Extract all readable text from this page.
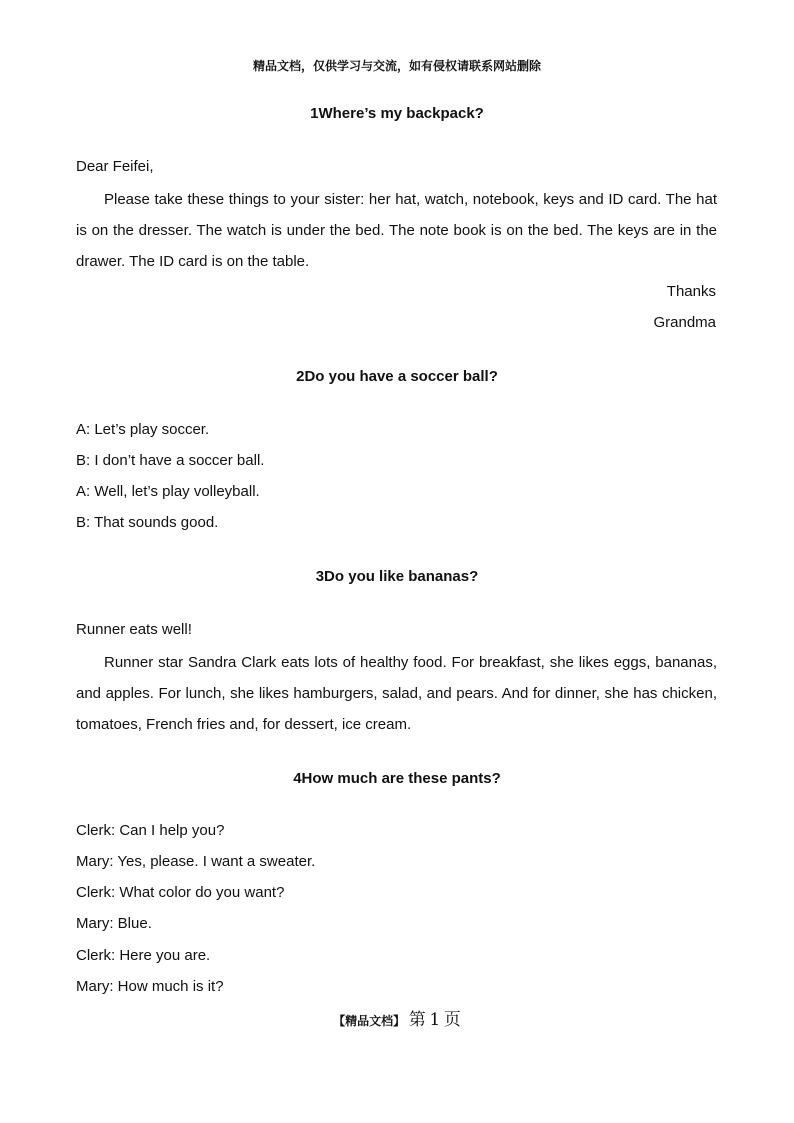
精品文档，仅供学习与交流，如有侵权请联系网站删除
1Where’s my backpack?
Dear Feifei,

Please take these things to your sister: her hat, watch, notebook, keys and ID card. The hat is on the dresser. The watch is under the bed. The note book is on the bed. The keys are in the drawer. The ID card is on the table.

Thanks
Grandma
2Do you have a soccer ball?
A: Let’s play soccer.
B: I don’t have a soccer ball.
A: Well, let’s play volleyball.
B: That sounds good.
3Do you like bananas?
Runner eats well!

Runner star Sandra Clark eats lots of healthy food. For breakfast, she likes eggs, bananas, and apples. For lunch, she likes hamburgers, salad, and pears. And for dinner, she has chicken, tomatoes, French fries and, for dessert, ice cream.

4How much are these pants?
Clerk: Can I help you?
Mary: Yes, please. I want a sweater.
Clerk: What color do you want?
Mary: Blue.
Clerk: Here you are.
Mary: How much is it?
【精品文档】 第 1 页
